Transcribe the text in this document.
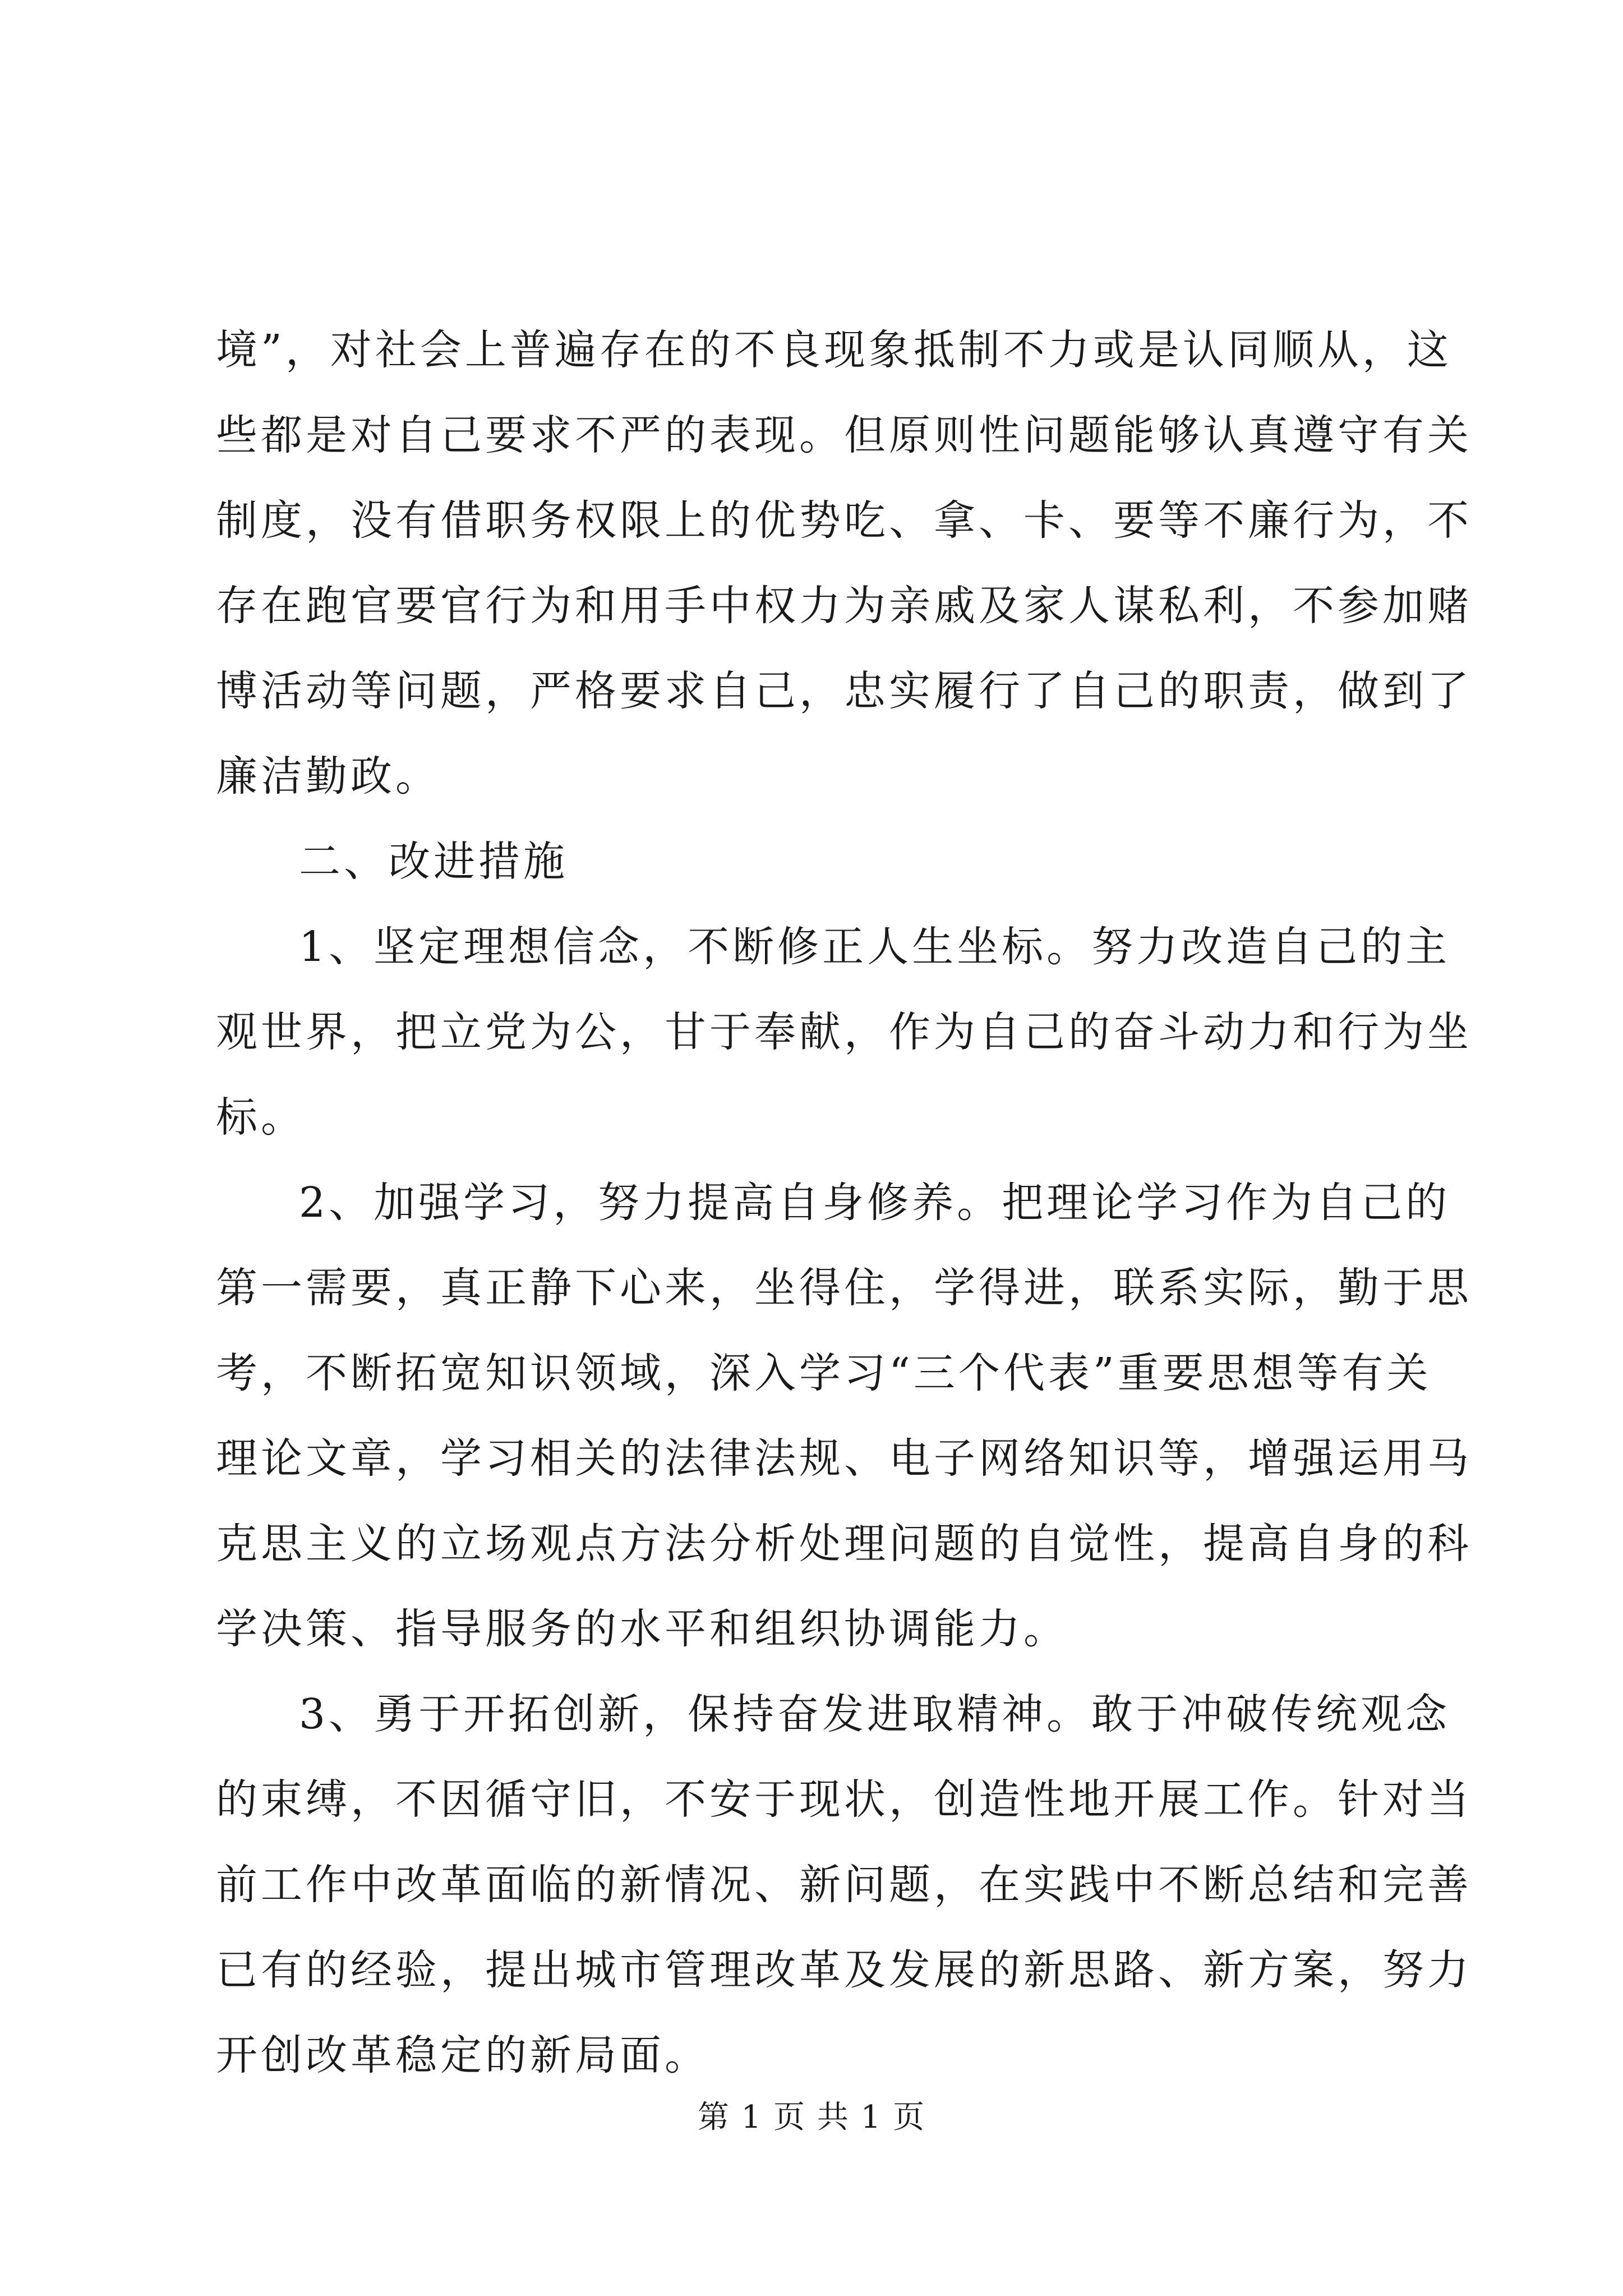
境”，对社会上普遍存在的不良现象抵制不力或是认同顺从，这
些都是对自己要求不严的表现。但原则性问题能够认真遵守有关
制度，没有借职务权限上的优势吃、拿、卡、要等不廉行为，不
存在跑官要官行为和用手中权力为亲戚及家人谋私利，不参加赌
博活动等问题，严格要求自己，忠实履行了自己的职责，做到了
廉洁勤政。
二、改进措施
1、坚定理想信念，不断修正人生坐标。努力改造自己的主
观世界，把立党为公，甘于奉献，作为自己的奋斗动力和行为坐
标。
2、加强学习，努力提高自身修养。把理论学习作为自己的
第一需要，真正静下心来，坐得住，学得进，联系实际，勤于思
考，不断拓宽知识领域，深入学习“三个代表”重要思想等有关
理论文章，学习相关的法律法规、电子网络知识等，增强运用马
克思主义的立场观点方法分析处理问题的自觉性，提高自身的科
学决策、指导服务的水平和组织协调能力。
3、勇于开拓创新，保持奋发进取精神。敢于冲破传统观念
的束缚，不因循守旧，不安于现状，创造性地开展工作。针对当
前工作中改革面临的新情况、新问题，在实践中不断总结和完善
已有的经验，提出城市管理改革及发展的新思路、新方案，努力
开创改革稳定的新局面。
第 1 页 共 1 页
